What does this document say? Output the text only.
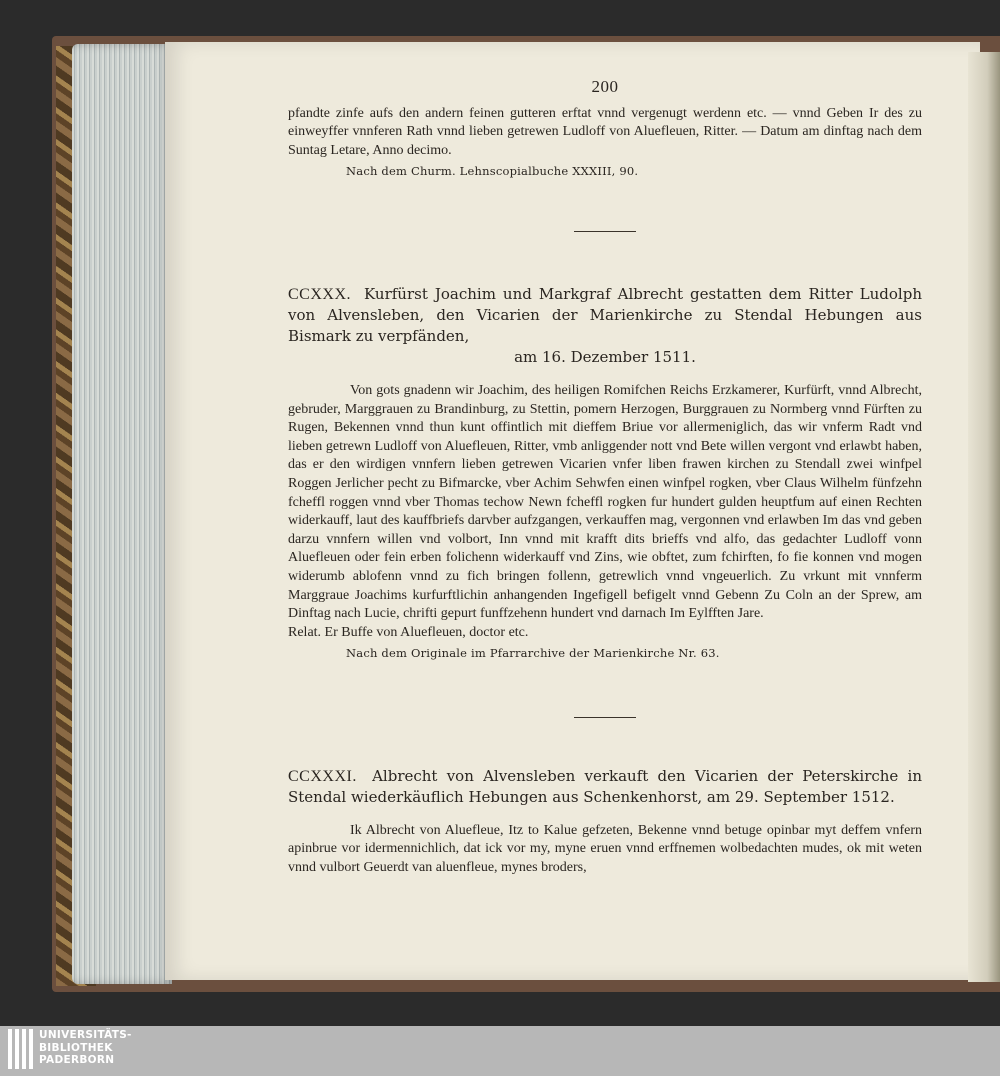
200

pfandte zinfe aufs den andern feinen gutteren erftat vnnd vergenugt werdenn etc. — vnnd Geben Ir des zu einweyffer vnnferen Rath vnnd lieben getrewen Ludloff von Aluefleuen, Ritter. — Datum am dinftag nach dem Suntag Letare, Anno decimo.

Nach dem Churm. Lehnscopialbuche XXXIII, 90.
CCXXX. Kurfürst Joachim und Markgraf Albrecht gestatten dem Ritter Ludolph von Alvensleben, den Vicarien der Marienkirche zu Stendal Hebungen aus Bismark zu verpfänden,
am 16. Dezember 1511.

Von gots gnadenn wir Joachim, des heiligen Romifchen Reichs Erzkamerer, Kurfürft, vnnd Albrecht, gebruder, Marggrauen zu Brandinburg, zu Stettin, pomern Herzogen, Burggrauen zu Normberg vnnd Fürften zu Rugen, Bekennen vnnd thun kunt offintlich mit dieffem Briue vor allermeniglich, das wir vnferm Radt vnd lieben getrewn Ludloff von Aluefleuen, Ritter, vmb anliggender nott vnd Bete willen vergont vnd erlawbt haben, das er den wirdigen vnnfern lieben getrewen Vicarien vnfer liben frawen kirchen zu Stendall zwei winfpel Roggen Jerlicher pecht zu Bifmarcke, vber Achim Sehwfen einen winfpel rogken, vber Claus Wilhelm fünfzehn fcheffl roggen vnnd vber Thomas techow Newn fcheffl rogken fur hundert gulden heuptfum auf einen Rechten widerkauff, laut des kauffbriefs darvber aufzgangen, verkauffen mag, vergonnen vnd erlawben Im das vnd geben darzu vnnfern willen vnd volbort, Inn vnnd mit krafft dits brieffs vnd alfo, das gedachter Ludloff vonn Aluefleuen oder fein erben folichenn widerkauff vnd Zins, wie obftet, zum fchirften, fo fie konnen vnd mogen widerumb ablofenn vnnd zu fich bringen follenn, getrewlich vnnd vngeuerlich. Zu vrkunt mit vnnferm Marggraue Joachims kurfurftlichin anhangenden Ingefigell befigelt vnnd Gebenn Zu Coln an der Sprew, am Dinftag nach Lucie, chrifti gepurt funffzehenn hundert vnd darnach Im Eylfften Jare.

Relat. Er Buffe von Aluefleuen, doctor etc.

Nach dem Originale im Pfarrarchive der Marienkirche Nr. 63.
CCXXXI. Albrecht von Alvensleben verkauft den Vicarien der Peterskirche in Stendal wiederkäuflich Hebungen aus Schenkenhorst, am 29. September 1512.

Ik Albrecht von Aluefleue, Itz to Kalue gefzeten, Bekenne vnnd betuge opinbar myt deffem vnfern apinbrue vor idermennichlich, dat ick vor my, myne eruen vnnd erffnemen wolbedachten mudes, ok mit weten vnnd vulbort Geuerdt van aluenfleue, mynes broders,

UNIVERSITÄTS-
BIBLIOTHEK
PADERBORN
